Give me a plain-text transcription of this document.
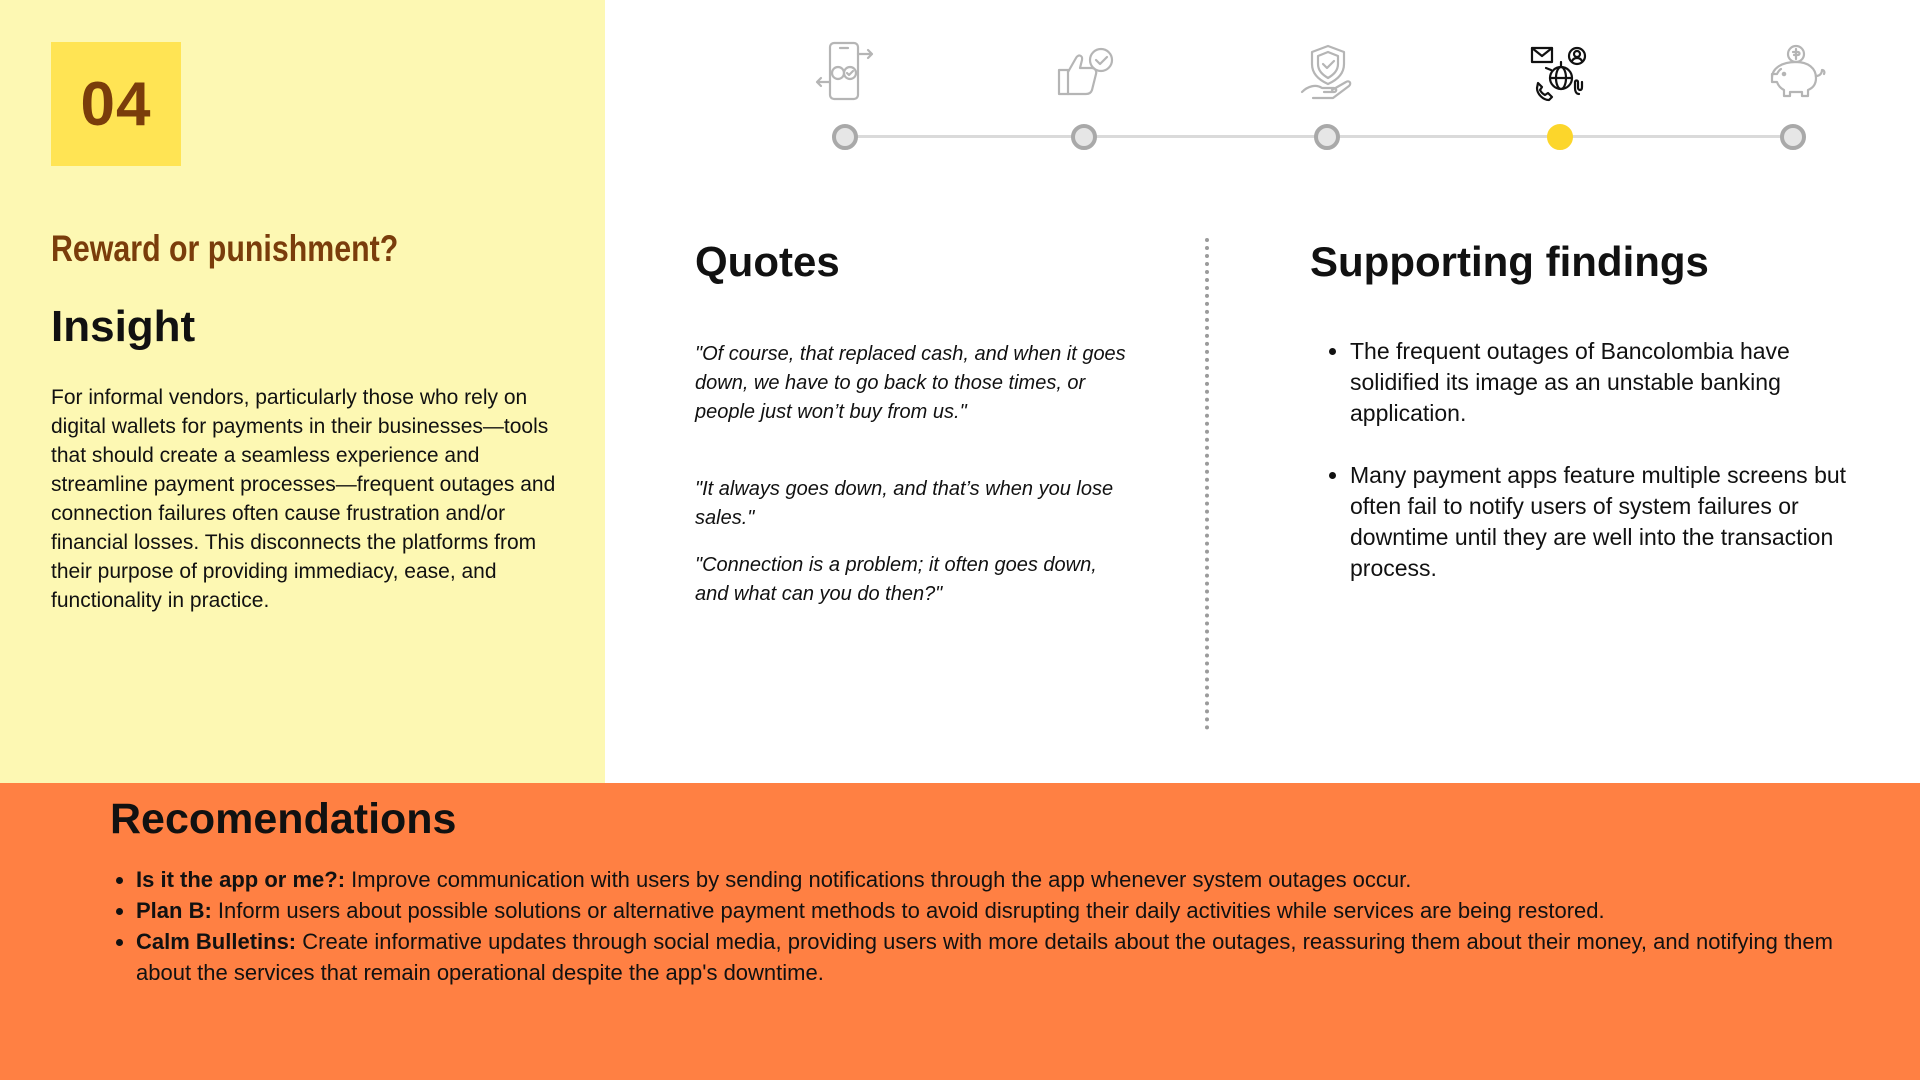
04
Reward or punishment?
Insight

For informal vendors, particularly those who rely on digital wallets for payments in their businesses—tools that should create a seamless experience and streamline payment processes—frequent outages and connection failures often cause frustration and/or financial losses. This disconnects the platforms from their purpose of providing immediacy, ease, and functionality in practice.

Quotes

"Of course, that replaced cash, and when it goes down, we have to go back to those times, or people just won’t buy from us."

"It always goes down, and that’s when you lose sales."

"Connection is a problem; it often goes down, and what can you do then?"

Supporting findings
• The frequent outages of Bancolombia have solidified its image as an unstable banking application.
• Many payment apps feature multiple screens but often fail to notify users of system failures or downtime until they are well into the transaction process.
Recomendations
• Is it the app or me?: Improve communication with users by sending notifications through the app whenever system outages occur.
• Plan B: Inform users about possible solutions or alternative payment methods to avoid disrupting their daily activities while services are being restored.
• Calm Bulletins: Create informative updates through social media, providing users with more details about the outages, reassuring them about their money, and notifying them about the services that remain operational despite the app's downtime.
